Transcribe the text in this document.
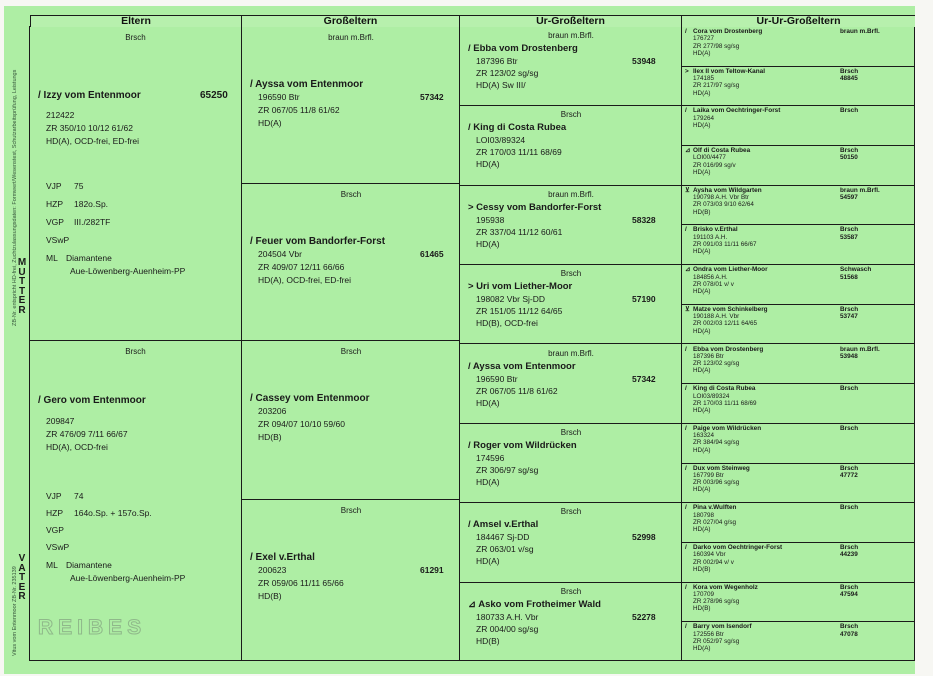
ZB-Nr. entspricht HD-frei, Zuchtzulassungsdaten: Formwert/Wesenstest, Schutzarbeitsprüfung, Leistungs
Vitus vom Entenmoor ZB-Nr. 235139
MUTTER
VATER
REIBES
Eltern
Brsch
/ Izzy vom Entenmoor	65250
212422
ZR 350/10 10/12 61/62
HD(A), OCD-frei, ED-frei
VJP 75
HZP 182o.Sp.
VGP III./282TF
VSwP
ML Diamantene
Aue-Löwenberg-Auenheim-PP
Brsch
/ Gero vom Entenmoor
209847
ZR 476/09 7/11 66/67
HD(A), OCD-frei
VJP 74
HZP 164o.Sp. + 157o.Sp.
VGP
VSwP
ML Diamantene
Aue-Löwenberg-Auenheim-PP
Großeltern
braun m.Brfl.
/ Ayssa vom Entenmoor
196590 Btr	57342
ZR 067/05 11/8 61/62
HD(A)
Brsch
/ Feuer vom Bandorfer-Forst
204504 Vbr	61465
ZR 409/07 12/11 66/66
HD(A), OCD-frei, ED-frei
Brsch
/ Cassey vom Entenmoor
203206
ZR 094/07 10/10 59/60
HD(B)
Brsch
/ Exel v.Erthal
200623	61291
ZR 059/06 11/11 65/66
HD(B)
Ur-Großeltern
braun m.Brfl.
/ Ebba vom Drostenberg
187396 Btr	53948
ZR 123/02 sg/sg
HD(A) Sw III/
Brsch
/ King di Costa Rubea
LOI03/89324
ZR 170/03 11/11 68/69
HD(A)
braun m.Brfl.
> Cessy vom Bandorfer-Forst
195938	58328
ZR 337/04 11/12 60/61
HD(A)
Brsch
> Uri vom Liether-Moor
198082 Vbr Sj-DD	57190
ZR 151/05 11/12 64/65
HD(B), OCD-frei
braun m.Brfl.
/ Ayssa vom Entenmoor
196590 Btr	57342
ZR 067/05 11/8 61/62
HD(A)
Brsch
/ Roger vom Wildrücken
174596
ZR 306/97 sg/sg
HD(A)
Brsch
/ Amsel v.Erthal
184467 Sj-DD	52998
ZR 063/01 v/sg
HD(A)
Brsch
⊿ Asko vom Frotheimer Wald
180733 A.H. Vbr	52278
ZR 004/00 sg/sg
HD(B)
Ur-Ur-Großeltern
/ Cora vom Drostenberg	braun m.Brfl.
176727
ZR 277/98 sg/sg
HD(A)
> Ilex II vom Teltow-Kanal	Brsch
174185	48845
ZR 217/97 sg/sg
HD(A)
/ Laika vom Oechtringer-Forst	Brsch
179264
HD(A)
⊿ Olf di Costa Rubea	Brsch
LOI00/4477	50150
ZR 016/99 sg/v
HD(A)
⊻ Aysha vom Wildgarten	braun m.Brfl.
190798 A.H. Vbr Btr	54597
ZR 073/03 9/10 62/64
HD(B)
/ Brisko v.Erthal	Brsch
191103 A.H.	53587
ZR 091/03 11/11 66/67
HD(A)
⊿ Ondra vom Liether-Moor	Schwasch
184856 A.H.	51568
ZR 078/01 v/ v
HD(A)
⊻ Matze vom Schinkelberg	Brsch
190188 A.H. Vbr	53747
ZR 002/03 12/11 64/65
HD(A)
/ Ebba vom Drostenberg	braun m.Brfl.
187396 Btr	53948
ZR 123/02 sg/sg
HD(A)
/ King di Costa Rubea	Brsch
LOI03/89324
ZR 170/03 11/11 68/69
HD(A)
/ Paige vom Wildrücken	Brsch
163324
ZR 384/94 sg/sg
HD(A)
/ Dux vom Steinweg	Brsch
167799 Btr	47772
ZR 003/96 sg/sg
HD(A)
/ Pina v.Wulften	Brsch
180798
ZR 027/04 g/sg
HD(A)
/ Darko vom Oechtringer-Forst	Brsch
160394 Vbr	44239
ZR 002/94 v/ v
HD(B)
/ Kora vom Wegenholz	Brsch
170709	47594
ZR 278/96 sg/sg
HD(B)
/ Barry vom Isendorf	Brsch
172556 Btr	47078
ZR 052/97 sg/sg
HD(A)
